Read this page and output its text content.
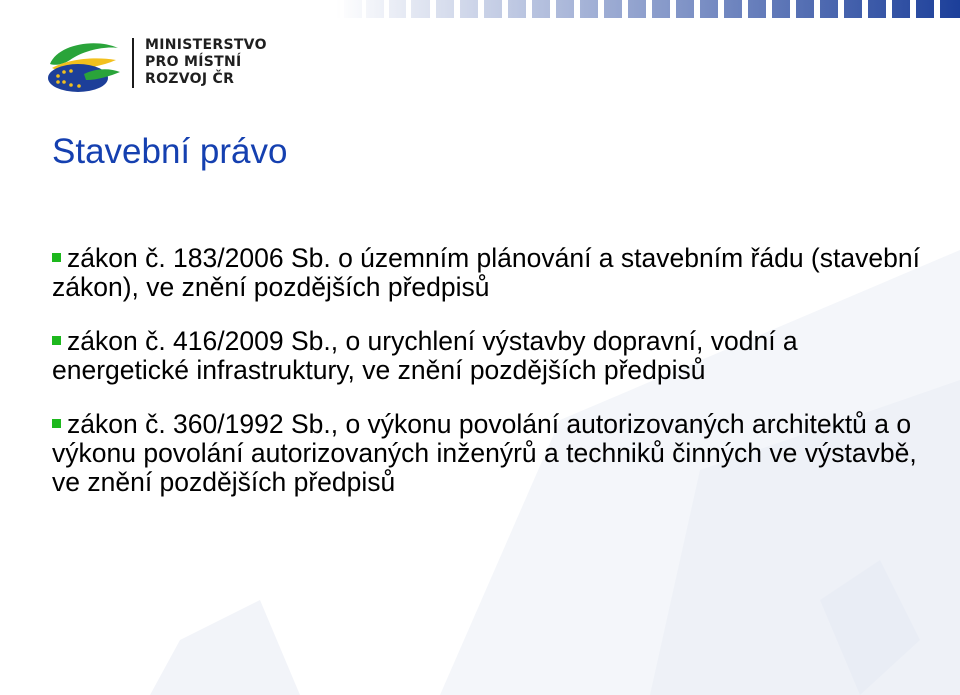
MINISTERSTVO
PRO MÍSTNÍ
ROZVOJ ČR
Stavební právo
zákon č. 183/2006 Sb. o územním plánování a stavebním řádu (stavební zákon), ve znění pozdějších předpisů
zákon č. 416/2009 Sb., o urychlení výstavby dopravní, vodní a energetické infrastruktury, ve znění pozdějších předpisů
zákon č. 360/1992 Sb., o výkonu povolání autorizovaných architektů a o výkonu povolání autorizovaných inženýrů a techniků činných ve výstavbě, ve znění pozdějších předpisů
